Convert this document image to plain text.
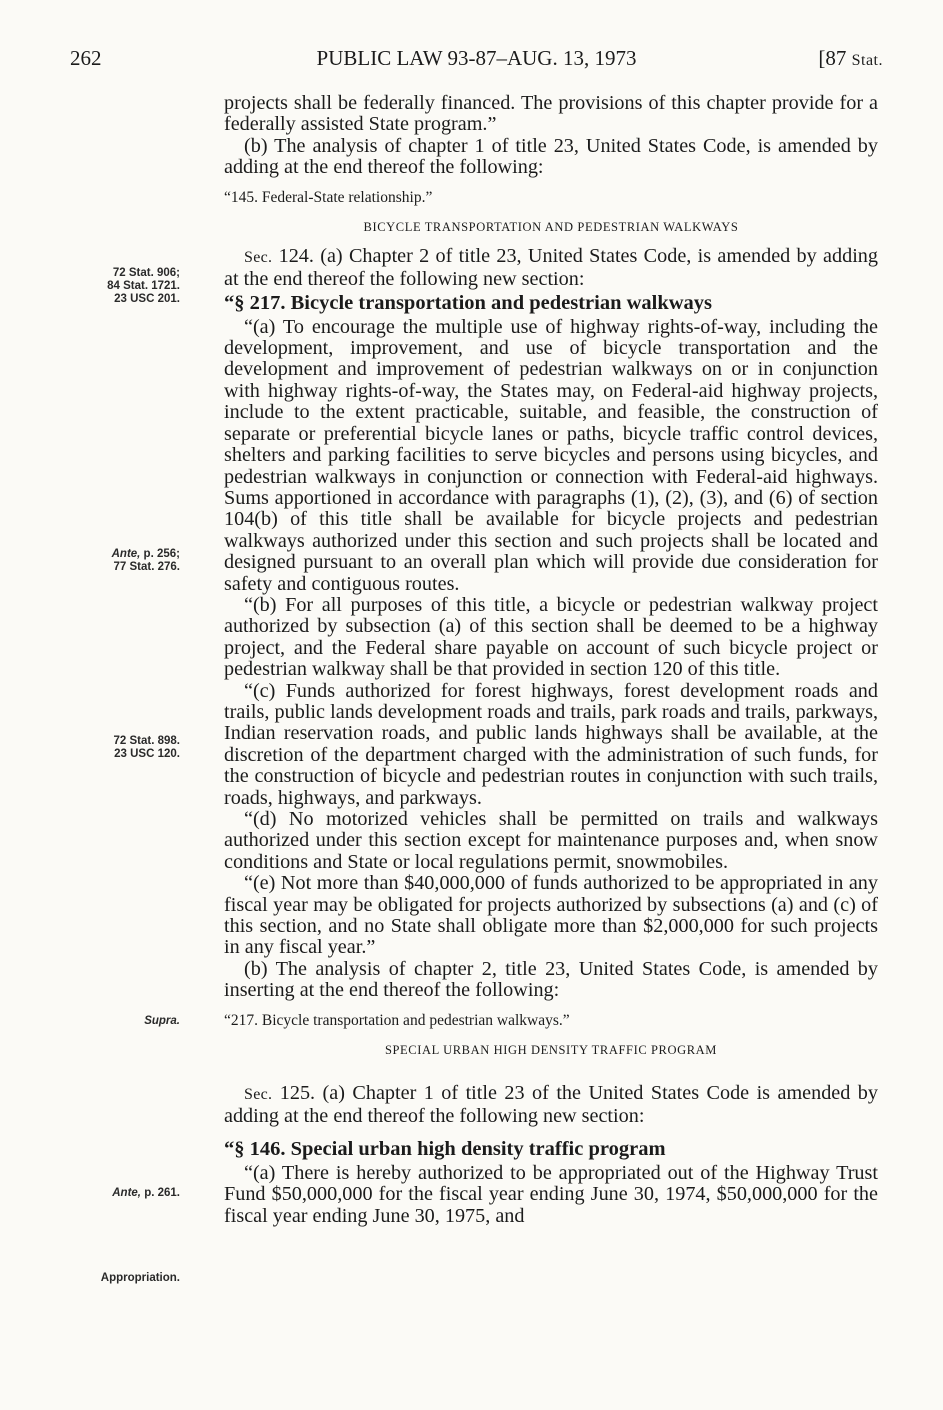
262	PUBLIC LAW 93-87–AUG. 13, 1973	[87 Stat.
72 Stat. 906;
84 Stat. 1721.
23 USC 201.
Ante, p. 256;
77 Stat. 276.
72 Stat. 898.
23 USC 120.
Supra.
Ante, p. 261.
Appropriation.

projects shall be federally financed. The provisions of this chapter provide for a federally assisted State program.”

(b) The analysis of chapter 1 of title 23, United States Code, is amended by adding at the end thereof the following:

“145. Federal-State relationship.”

BICYCLE TRANSPORTATION AND PEDESTRIAN WALKWAYS

Sec. 124. (a) Chapter 2 of title 23, United States Code, is amended by adding at the end thereof the following new section:

“§ 217. Bicycle transportation and pedestrian walkways

“(a) To encourage the multiple use of highway rights-of-way, including the development, improvement, and use of bicycle transportation and the development and improvement of pedestrian walkways on or in conjunction with highway rights-of-way, the States may, on Federal-aid highway projects, include to the extent practicable, suitable, and feasible, the construction of separate or preferential bicycle lanes or paths, bicycle traffic control devices, shelters and parking facilities to serve bicycles and persons using bicycles, and pedestrian walkways in conjunction or connection with Federal-aid highways. Sums apportioned in accordance with paragraphs (1), (2), (3), and (6) of section 104(b) of this title shall be available for bicycle projects and pedestrian walkways authorized under this section and such projects shall be located and designed pursuant to an overall plan which will provide due consideration for safety and contiguous routes.

“(b) For all purposes of this title, a bicycle or pedestrian walkway project authorized by subsection (a) of this section shall be deemed to be a highway project, and the Federal share payable on account of such bicycle project or pedestrian walkway shall be that provided in section 120 of this title.

“(c) Funds authorized for forest highways, forest development roads and trails, public lands development roads and trails, park roads and trails, parkways, Indian reservation roads, and public lands highways shall be available, at the discretion of the department charged with the administration of such funds, for the construction of bicycle and pedestrian routes in conjunction with such trails, roads, highways, and parkways.

“(d) No motorized vehicles shall be permitted on trails and walkways authorized under this section except for maintenance purposes and, when snow conditions and State or local regulations permit, snowmobiles.

“(e) Not more than $40,000,000 of funds authorized to be appropriated in any fiscal year may be obligated for projects authorized by subsections (a) and (c) of this section, and no State shall obligate more than $2,000,000 for such projects in any fiscal year.”

(b) The analysis of chapter 2, title 23, United States Code, is amended by inserting at the end thereof the following:

“217. Bicycle transportation and pedestrian walkways.”

SPECIAL URBAN HIGH DENSITY TRAFFIC PROGRAM

Sec. 125. (a) Chapter 1 of title 23 of the United States Code is amended by adding at the end thereof the following new section:

“§ 146. Special urban high density traffic program

“(a) There is hereby authorized to be appropriated out of the Highway Trust Fund $50,000,000 for the fiscal year ending June 30, 1974, $50,000,000 for the fiscal year ending June 30, 1975, and
